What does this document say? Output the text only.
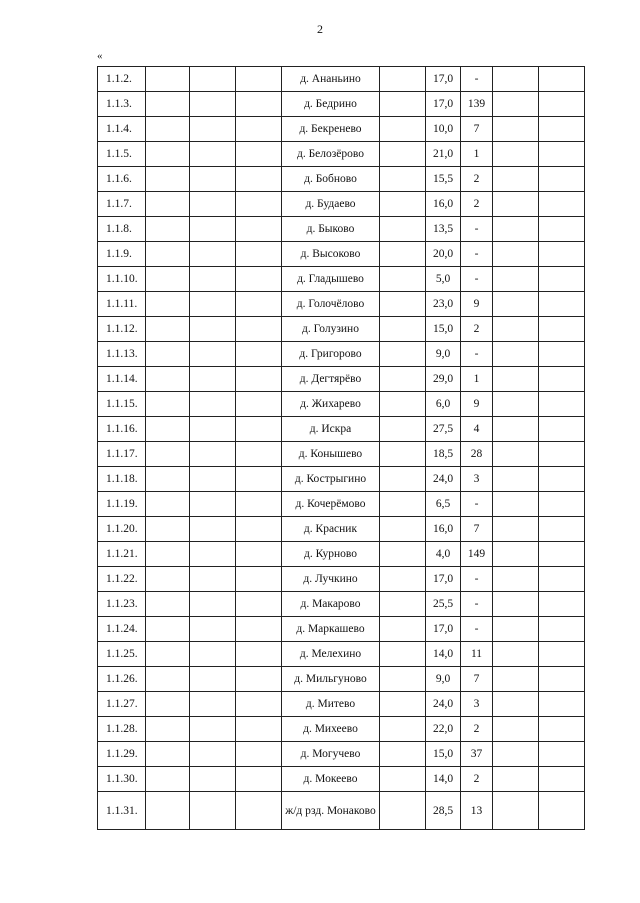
2
«
1.1.2.				д. Ананьино		17,0	-		
1.1.3.				д. Бедрино		17,0	139		
1.1.4.				д. Бекренево		10,0	7		
1.1.5.				д. Белозёрово		21,0	1		
1.1.6.				д. Бобново		15,5	2		
1.1.7.				д. Будаево		16,0	2		
1.1.8.				д. Быково		13,5	-		
1.1.9.				д. Высоково		20,0	-		
1.1.10.				д. Гладышево		5,0	-		
1.1.11.				д. Голочёлово		23,0	9		
1.1.12.				д. Голузино		15,0	2		
1.1.13.				д. Григорово		9,0	-		
1.1.14.				д. Дегтярёво		29,0	1		
1.1.15.				д. Жихарево		6,0	9		
1.1.16.				д. Искра		27,5	4		
1.1.17.				д. Конышево		18,5	28		
1.1.18.				д. Кострыгино		24,0	3		
1.1.19.				д. Кочерёмово		6,5	-		
1.1.20.				д. Красник		16,0	7		
1.1.21.				д. Курново		4,0	149		
1.1.22.				д. Лучкино		17,0	-		
1.1.23.				д. Макарово		25,5	-		
1.1.24.				д. Маркашево		17,0	-		
1.1.25.				д. Мелехино		14,0	11		
1.1.26.				д. Мильгуново		9,0	7		
1.1.27.				д. Митево		24,0	3		
1.1.28.				д. Михеево		22,0	2		
1.1.29.				д. Могучево		15,0	37		
1.1.30.				д. Мокеево		14,0	2		
1.1.31.				ж/д рзд. Монаково		28,5	13		
